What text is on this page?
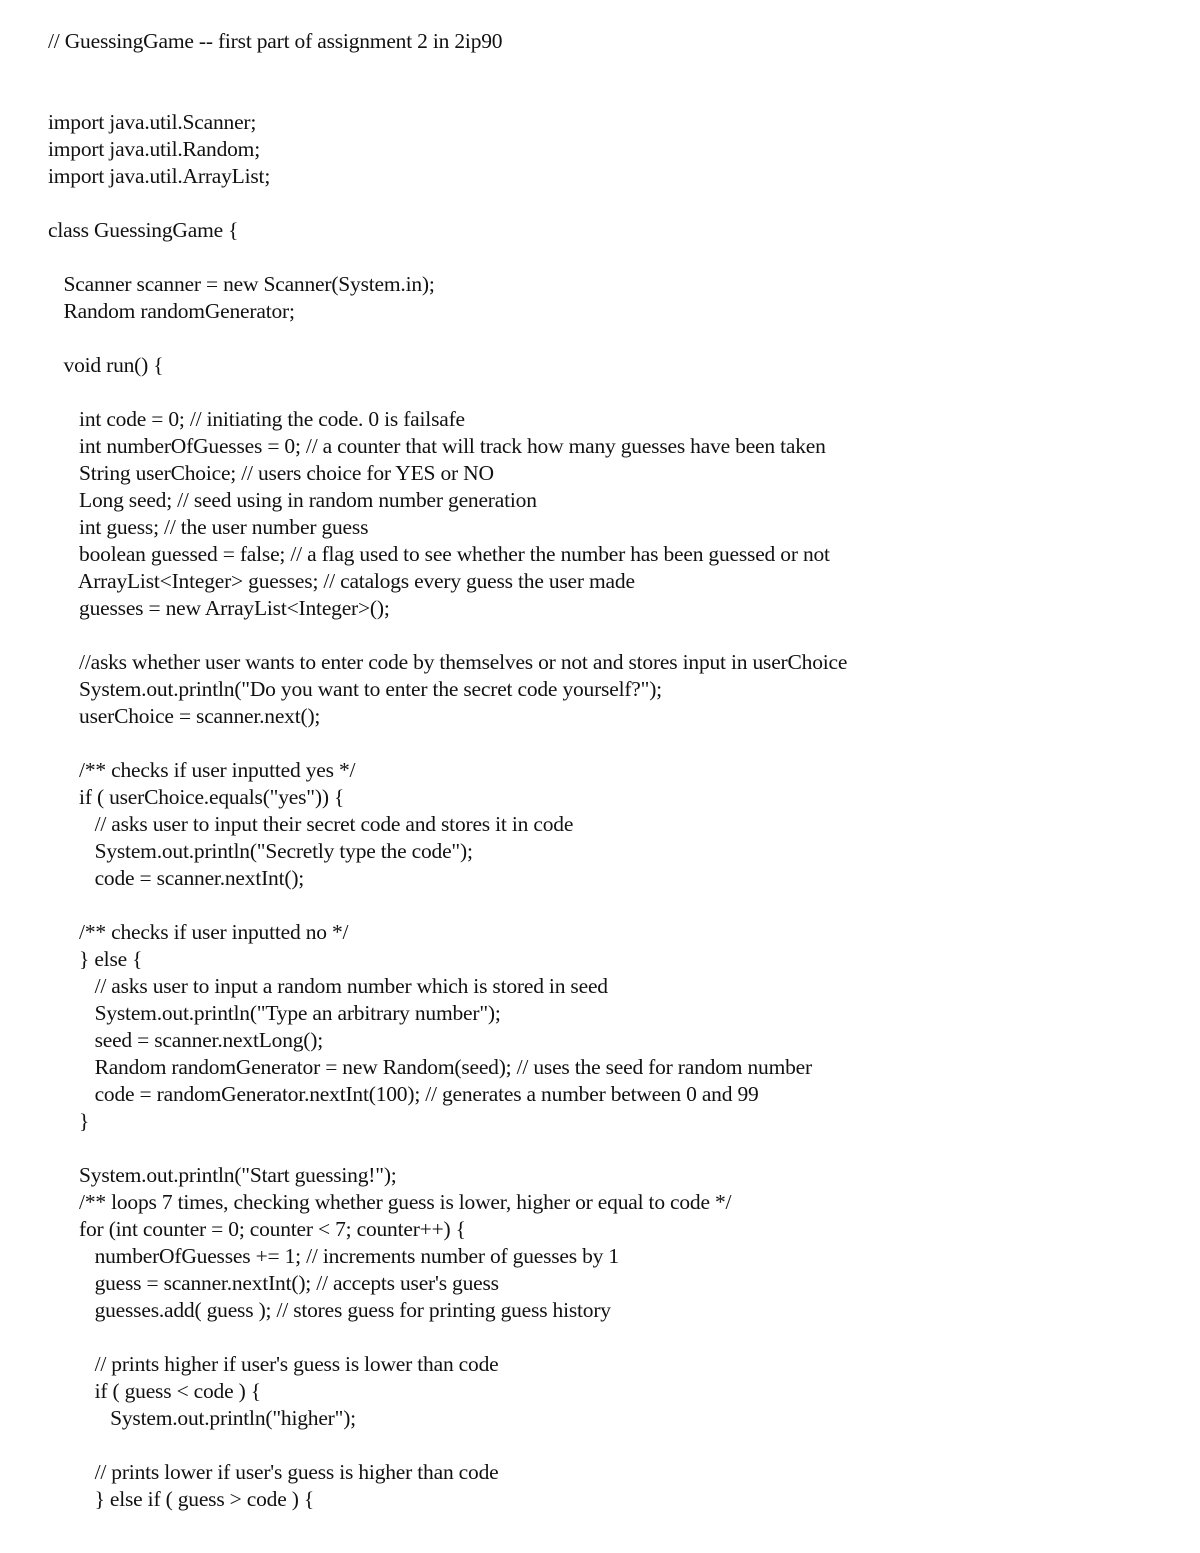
// GuessingGame -- first part of assignment 2 in 2ip90
import java.util.Scanner;
import java.util.Random;
import java.util.ArrayList;
class GuessingGame {
Scanner scanner = new Scanner(System.in);
Random randomGenerator;
void run() {
int code = 0; // initiating the code. 0 is failsafe
int numberOfGuesses = 0; // a counter that will track how many guesses have been taken
String userChoice; // users choice for YES or NO
Long seed; // seed using in random number generation
int guess; // the user number guess
boolean guessed = false; // a flag used to see whether the number has been guessed or not
ArrayList<Integer> guesses; // catalogs every guess the user made
guesses = new ArrayList<Integer>();
//asks whether user wants to enter code by themselves or not and stores input in userChoice
System.out.println("Do you want to enter the secret code yourself?");
userChoice = scanner.next();
/** checks if user inputted yes */
if ( userChoice.equals("yes")) {
// asks user to input their secret code and stores it in code
System.out.println("Secretly type the code");
code = scanner.nextInt();
/** checks if user inputted no */
} else {
// asks user to input a random number which is stored in seed
System.out.println("Type an arbitrary number");
seed = scanner.nextLong();
Random randomGenerator = new Random(seed); // uses the seed for random number
code = randomGenerator.nextInt(100); // generates a number between 0 and 99
}
System.out.println("Start guessing!");
/** loops 7 times, checking whether guess is lower, higher or equal to code */
for (int counter = 0; counter < 7; counter++) {
numberOfGuesses += 1; // increments number of guesses by 1
guess = scanner.nextInt(); // accepts user's guess
guesses.add( guess ); // stores guess for printing guess history
// prints higher if user's guess is lower than code
if ( guess < code ) {
System.out.println("higher");
// prints lower if user's guess is higher than code
} else if ( guess > code ) {
